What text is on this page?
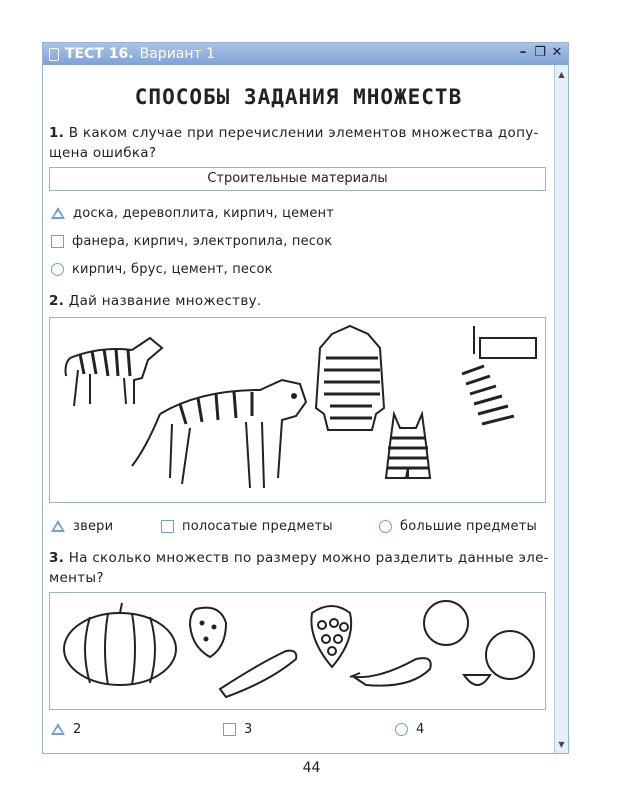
ТЕСТ 16. Вариант 1	– ❐ ✕
▲
▼
СПОСОБЫ ЗАДАНИЯ МНОЖЕСТВ
1. В каком случае при перечислении элементов множества допу-щена ошибка?
Строительные материалы
доска, деревоплита, кирпич, цемент
фанера, кирпич, электропила, песок
кирпич, брус, цемент, песок
2. Дай название множеству.
звери	полосатые предметы	большие предметы
3. На сколько множеств по размеру можно разделить данные эле-менты?
2	3	4
44
